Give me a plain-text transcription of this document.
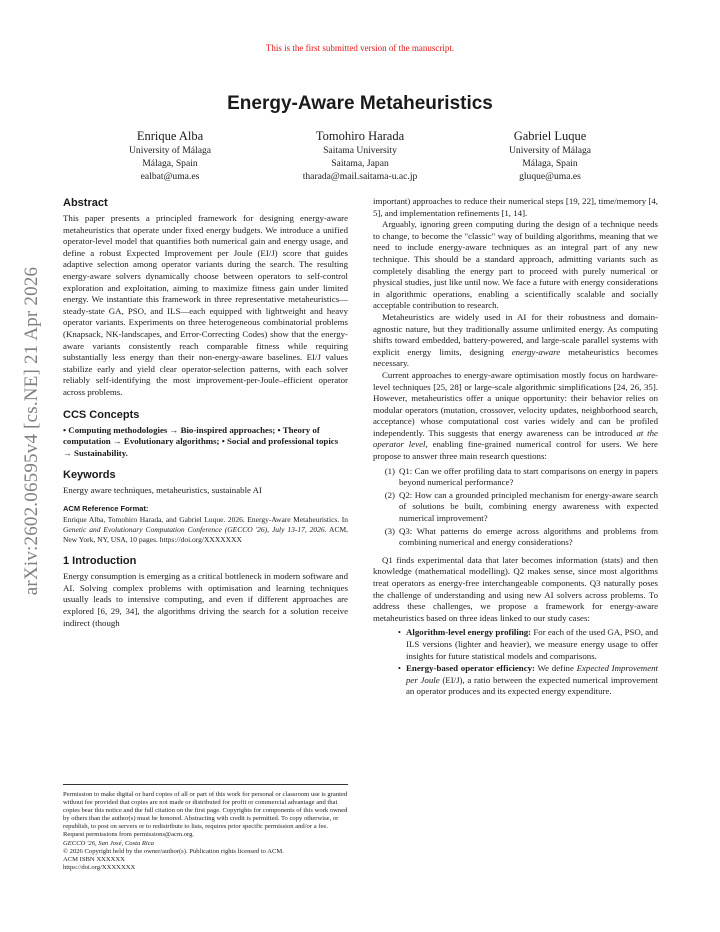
This is the first submitted version of the manuscript.
Energy-Aware Metaheuristics
Enrique Alba
University of Málaga
Málaga, Spain
ealbat@uma.es
Tomohiro Harada
Saitama University
Saitama, Japan
tharada@mail.saitama-u.ac.jp
Gabriel Luque
University of Málaga
Málaga, Spain
gluque@uma.es
arXiv:2602.06595v4 [cs.NE] 21 Apr 2026
Abstract

This paper presents a principled framework for designing energy-aware metaheuristics that operate under fixed energy budgets. We introduce a unified operator-level model that quantifies both numerical gain and energy usage, and define a robust Expected Improvement per Joule (EI/J) score that guides adaptive selection among operator variants during the search. The resulting energy-aware solvers dynamically choose between operators to self-control exploration and exploitation, aiming to maximize fitness gain under limited energy. We instantiate this framework in three representative metaheuristics—steady-state GA, PSO, and ILS—each equipped with lightweight and heavy operator variants. Experiments on three heterogeneous combinatorial problems (Knapsack, NK-landscapes, and Error-Correcting Codes) show that the energy-aware variants consistently reach comparable fitness while requiring substantially less energy than their non-energy-aware baselines. EI/J values stabilize early and yield clear operator-selection patterns, with each solver reliably self-identifying the most improvement-per-Joule–efficient operator across problems.

CCS Concepts

• Computing methodologies → Bio-inspired approaches; • Theory of computation → Evolutionary algorithms; • Social and professional topics → Sustainability.

Keywords

Energy aware techniques, metaheuristics, sustainable AI

ACM Reference Format:

Enrique Alba, Tomohiro Harada, and Gabriel Luque. 2026. Energy-Aware Metaheuristics. In Genetic and Evolutionary Computation Conference (GECCO '26), July 13-17, 2026. ACM, New York, NY, USA, 10 pages. https://doi.org/XXXXXXX

1 Introduction

Energy consumption is emerging as a critical bottleneck in modern software and AI. Solving complex problems with optimisation and learning techniques usually leads to intensive computing, and even if different approaches are explored [6, 29, 34], the algorithms driving the search for a solution receive indirect (though

Permission to make digital or hard copies of all or part of this work for personal or classroom use is granted without fee provided that copies are not made or distributed for profit or commercial advantage and that copies bear this notice and the full citation on the first page. Copyrights for components of this work owned by others than the author(s) must be honored. Abstracting with credit is permitted. To copy otherwise, or republish, to post on servers or to redistribute to lists, requires prior specific permission and/or a fee. Request permissions from permissions@acm.org.
GECCO '26, San José, Costa Rica
© 2026 Copyright held by the owner/author(s). Publication rights licensed to ACM.
ACM ISBN XXXXXX
https://doi.org/XXXXXXX

important) approaches to reduce their numerical steps [19, 22], time/memory [4, 5], and implementation refinements [1, 14].

Arguably, ignoring green computing during the design of a technique needs to change, to become the "classic" way of building algorithms, meaning that we need to include energy-aware techniques as an integral part of any new technique. This should be a standard approach, admitting variants such as completely disabling the energy part to proceed with purely numerical or physical studies, just like until now. We face a future with energy considerations in algorithmic operations, enabling a scientifically scalable and socially acceptable contribution to research.

Metaheuristics are widely used in AI for their robustness and domain-agnostic nature, but they traditionally assume unlimited energy. As computing shifts toward embedded, battery-powered, and large-scale parallel systems with explicit energy limits, designing energy-aware metaheuristics becomes necessary.

Current approaches to energy-aware optimisation mostly focus on hardware-level techniques [25, 28] or large-scale algorithmic simplifications [24, 26, 35]. However, metaheuristics offer a unique opportunity: their behavior relies on modular operators (mutation, crossover, velocity updates, neighborhood search, acceptance) whose computational cost varies widely and can be profiled independently. This suggests that energy awareness can be introduced at the operator level, enabling fine-grained numerical control for users. We here propose to answer three main research questions:

(1) Q1: Can we offer profiling data to start comparisons on energy in papers beyond numerical performance?
(2) Q2: How can a grounded principled mechanism for energy-aware search of solutions be built, combining energy awareness with expected numerical improvement?
(3) Q3: What patterns do emerge across algorithms and problems from combining numerical and energy considerations?

Q1 finds experimental data that later becomes information (stats) and then knowledge (mathematical modelling). Q2 makes sense, since most algorithms treat operators as energy-free interchangeable components. Q3 naturally poses the challenge of understanding and using new AI solvers across problems. To address these challenges, we propose a framework for energy-aware metaheuristics based on three ideas linked to our study cases:

• Algorithm-level energy profiling: For each of the used GA, PSO, and ILS versions (lighter and heavier), we measure energy usage to offer insights for future statistical models and comparisons.
• Energy-based operator efficiency: We define Expected Improvement per Joule (EI/J), a ratio between the expected numerical improvement an operator produces and its expected energy expenditure.
